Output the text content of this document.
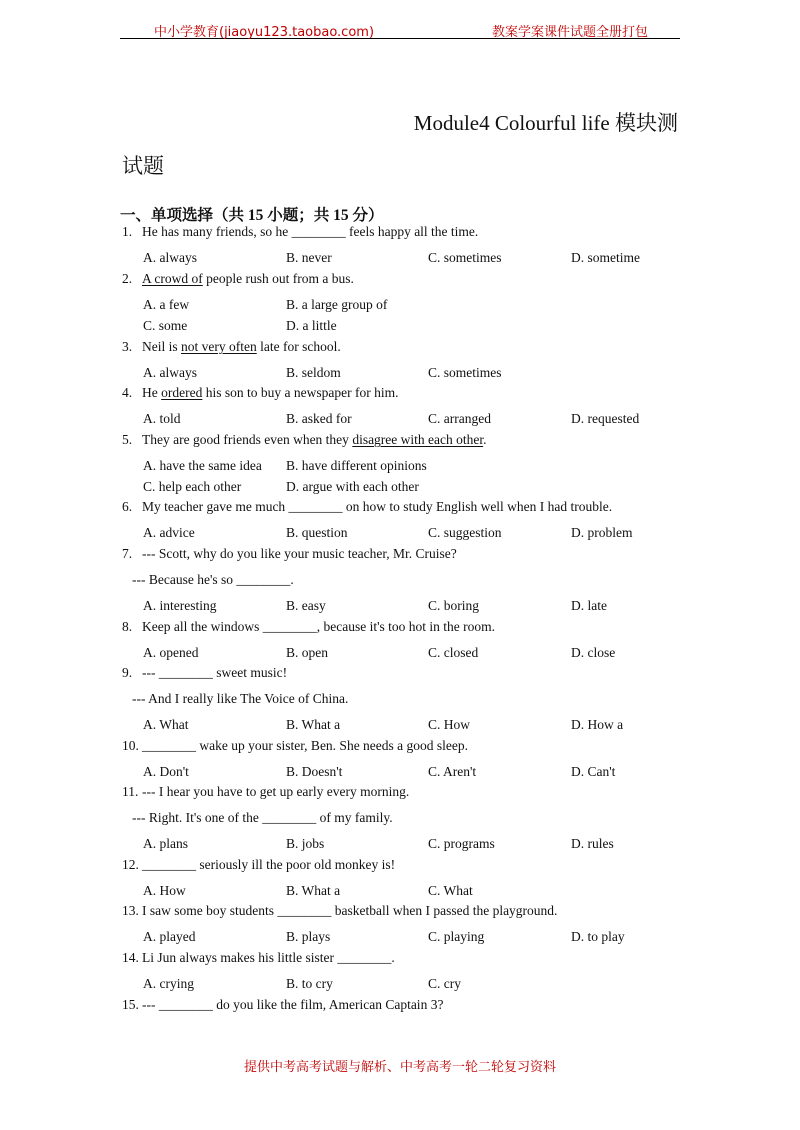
中小学教育(jiaoyu123.taobao.com)	教案学案课件试题全册打包
Module4 Colourful life 模块测
试题
一、单项选择（共 15 小题；共 15 分）
1. He has many friends, so he ________ feels happy all the time.
A. always	B. never	C. sometimes	D. sometime
2. A crowd of people rush out from a bus.
A. a few	B. a large group of
C. some	D. a little
3. Neil is not very often late for school.
A. always	B. seldom	C. sometimes
4. He ordered his son to buy a newspaper for him.
A. told	B. asked for	C. arranged	D. requested
5. They are good friends even when they disagree with each other.
A. have the same idea B. have different opinions
C. help each other	D. argue with each other
6. My teacher gave me much ________ on how to study English well when I had trouble.
A. advice	B. question	C. suggestion	D. problem
7. --- Scott, why do you like your music teacher, Mr. Cruise?
--- Because he's so ________.
A. interesting	B. easy	C. boring	D. late
8. Keep all the windows ________, because it's too hot in the room.
A. opened	B. open	C. closed	D. close
9. --- ________ sweet music!
--- And I really like The Voice of China.
A. What	B. What a	C. How	D. How a
10. ________ wake up your sister, Ben. She needs a good sleep.
A. Don't	B. Doesn't	C. Aren't	D. Can't
11. --- I hear you have to get up early every morning.
--- Right. It's one of the ________ of my family.
A. plans	B. jobs	C. programs	D. rules
12. ________ seriously ill the poor old monkey is!
A. How	B. What a	C. What
13. I saw some boy students ________ basketball when I passed the playground.
A. played	B. plays	C. playing	D. to play
14. Li Jun always makes his little sister ________.
A. crying	B. to cry	C. cry
15. --- ________ do you like the film, American Captain 3?
提供中考高考试题与解析、中考高考一轮二轮复习资料
